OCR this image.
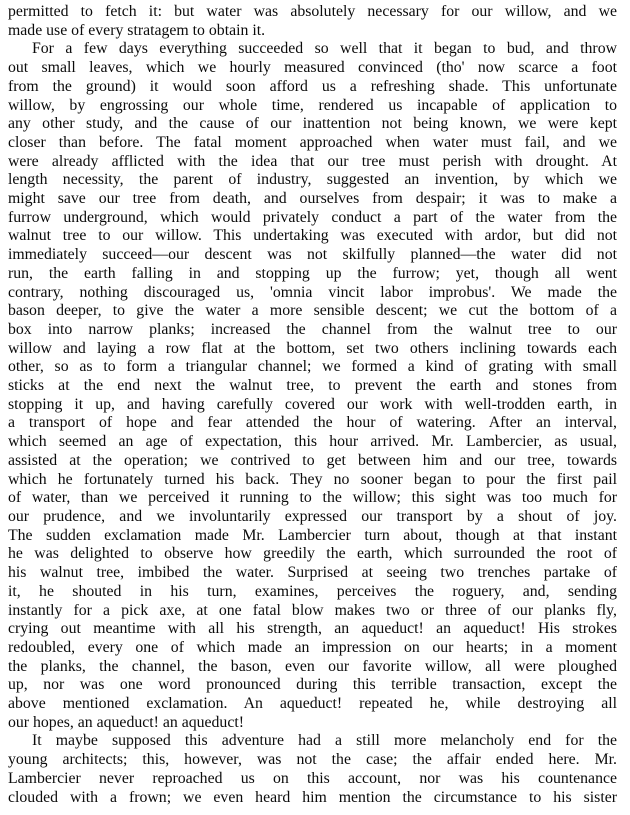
permitted to fetch it: but water was absolutely necessary for our willow, and we
made use of every stratagem to obtain it.
For a few days everything succeeded so well that it began to bud, and throw
out small leaves, which we hourly measured convinced (tho' now scarce a foot
from the ground) it would soon afford us a refreshing shade. This unfortunate
willow, by engrossing our whole time, rendered us incapable of application to
any other study, and the cause of our inattention not being known, we were kept
closer than before. The fatal moment approached when water must fail, and we
were already afflicted with the idea that our tree must perish with drought. At
length necessity, the parent of industry, suggested an invention, by which we
might save our tree from death, and ourselves from despair; it was to make a
furrow underground, which would privately conduct a part of the water from the
walnut tree to our willow. This undertaking was executed with ardor, but did not
immediately succeed—our descent was not skilfully planned—the water did not
run, the earth falling in and stopping up the furrow; yet, though all went
contrary, nothing discouraged us, 'omnia vincit labor improbus'. We made the
bason deeper, to give the water a more sensible descent; we cut the bottom of a
box into narrow planks; increased the channel from the walnut tree to our
willow and laying a row flat at the bottom, set two others inclining towards each
other, so as to form a triangular channel; we formed a kind of grating with small
sticks at the end next the walnut tree, to prevent the earth and stones from
stopping it up, and having carefully covered our work with well-trodden earth, in
a transport of hope and fear attended the hour of watering. After an interval,
which seemed an age of expectation, this hour arrived. Mr. Lambercier, as usual,
assisted at the operation; we contrived to get between him and our tree, towards
which he fortunately turned his back. They no sooner began to pour the first pail
of water, than we perceived it running to the willow; this sight was too much for
our prudence, and we involuntarily expressed our transport by a shout of joy.
The sudden exclamation made Mr. Lambercier turn about, though at that instant
he was delighted to observe how greedily the earth, which surrounded the root of
his walnut tree, imbibed the water. Surprised at seeing two trenches partake of
it, he shouted in his turn, examines, perceives the roguery, and, sending
instantly for a pick axe, at one fatal blow makes two or three of our planks fly,
crying out meantime with all his strength, an aqueduct! an aqueduct! His strokes
redoubled, every one of which made an impression on our hearts; in a moment
the planks, the channel, the bason, even our favorite willow, all were ploughed
up, nor was one word pronounced during this terrible transaction, except the
above mentioned exclamation. An aqueduct! repeated he, while destroying all
our hopes, an aqueduct! an aqueduct!
It maybe supposed this adventure had a still more melancholy end for the
young architects; this, however, was not the case; the affair ended here. Mr.
Lambercier never reproached us on this account, nor was his countenance
clouded with a frown; we even heard him mention the circumstance to his sister
